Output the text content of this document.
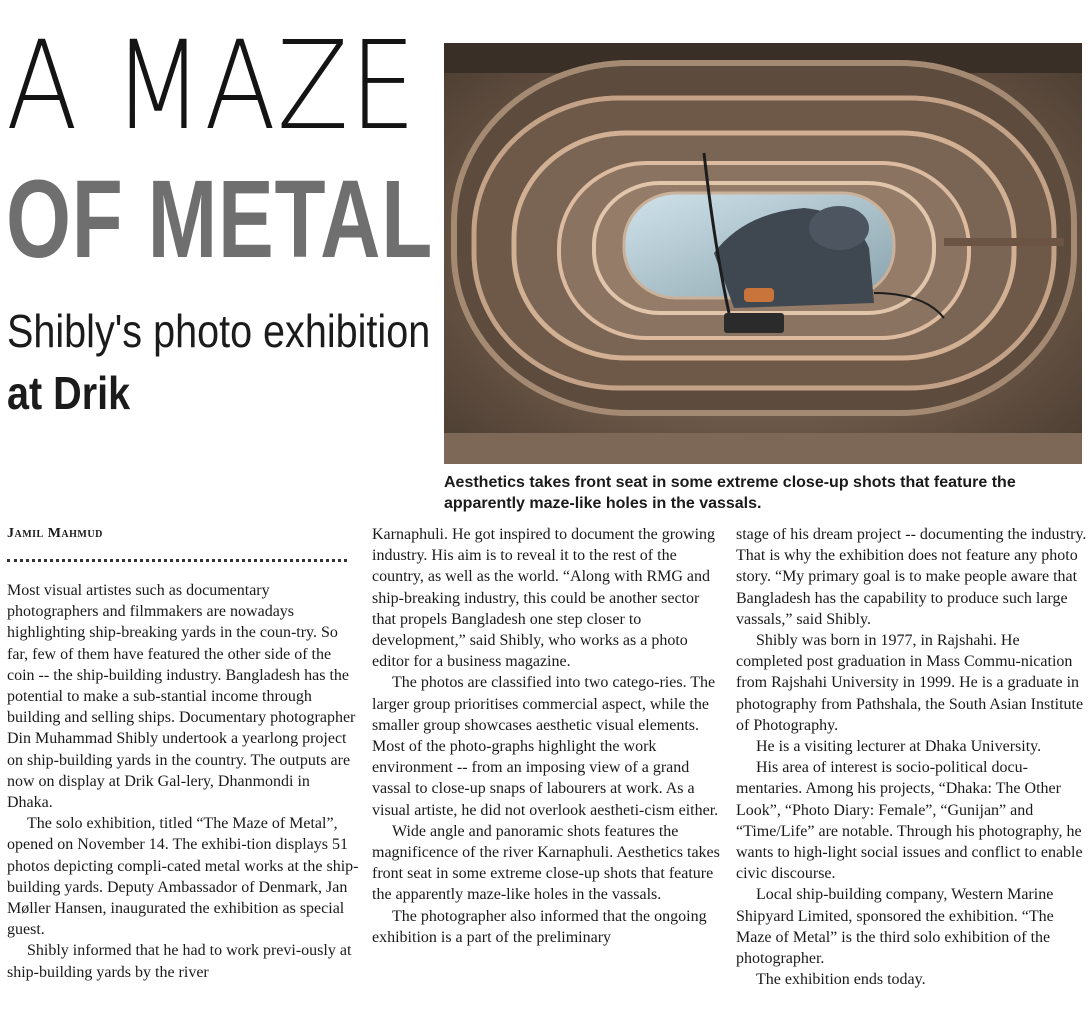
A MAZE
OF METAL
Shibly's photo exhibition
at Drik
Aesthetics takes front seat in some extreme close-up shots that feature the apparently maze-like holes in the vassals.
Jamil Mahmud

Most visual artistes such as documentary photographers and filmmakers are nowadays highlighting ship-breaking yards in the coun-try. So far, few of them have featured the other side of the coin -- the ship-building industry. Bangladesh has the potential to make a sub-stantial income through building and selling ships. Documentary photographer Din Muhammad Shibly undertook a yearlong project on ship-building yards in the country. The outputs are now on display at Drik Gal-lery, Dhanmondi in Dhaka.

The solo exhibition, titled “The Maze of Metal”, opened on November 14. The exhibi-tion displays 51 photos depicting compli-cated metal works at the ship-building yards. Deputy Ambassador of Denmark, Jan Møller Hansen, inaugurated the exhibition as special guest.

Shibly informed that he had to work previ-ously at ship-building yards by the river

Karnaphuli. He got inspired to document the growing industry. His aim is to reveal it to the rest of the country, as well as the world. “Along with RMG and ship-breaking industry, this could be another sector that propels Bangladesh one step closer to development,” said Shibly, who works as a photo editor for a business magazine.

The photos are classified into two catego-ries. The larger group prioritises commercial aspect, while the smaller group showcases aesthetic visual elements. Most of the photo-graphs highlight the work environment -- from an imposing view of a grand vassal to close-up snaps of labourers at work. As a visual artiste, he did not overlook aestheti-cism either.

Wide angle and panoramic shots features the magnificence of the river Karnaphuli. Aesthetics takes front seat in some extreme close-up shots that feature the apparently maze-like holes in the vassals.

The photographer also informed that the ongoing exhibition is a part of the preliminary

stage of his dream project -- documenting the industry. That is why the exhibition does not feature any photo story. “My primary goal is to make people aware that Bangladesh has the capability to produce such large vassals,” said Shibly.

Shibly was born in 1977, in Rajshahi. He completed post graduation in Mass Commu-nication from Rajshahi University in 1999. He is a graduate in photography from Pathshala, the South Asian Institute of Photography.

He is a visiting lecturer at Dhaka University.

His area of interest is socio-political docu-mentaries. Among his projects, “Dhaka: The Other Look”, “Photo Diary: Female”, “Gunijan” and “Time/Life” are notable. Through his photography, he wants to high-light social issues and conflict to enable civic discourse.

Local ship-building company, Western Marine Shipyard Limited, sponsored the exhibition. “The Maze of Metal” is the third solo exhibition of the photographer.

The exhibition ends today.
